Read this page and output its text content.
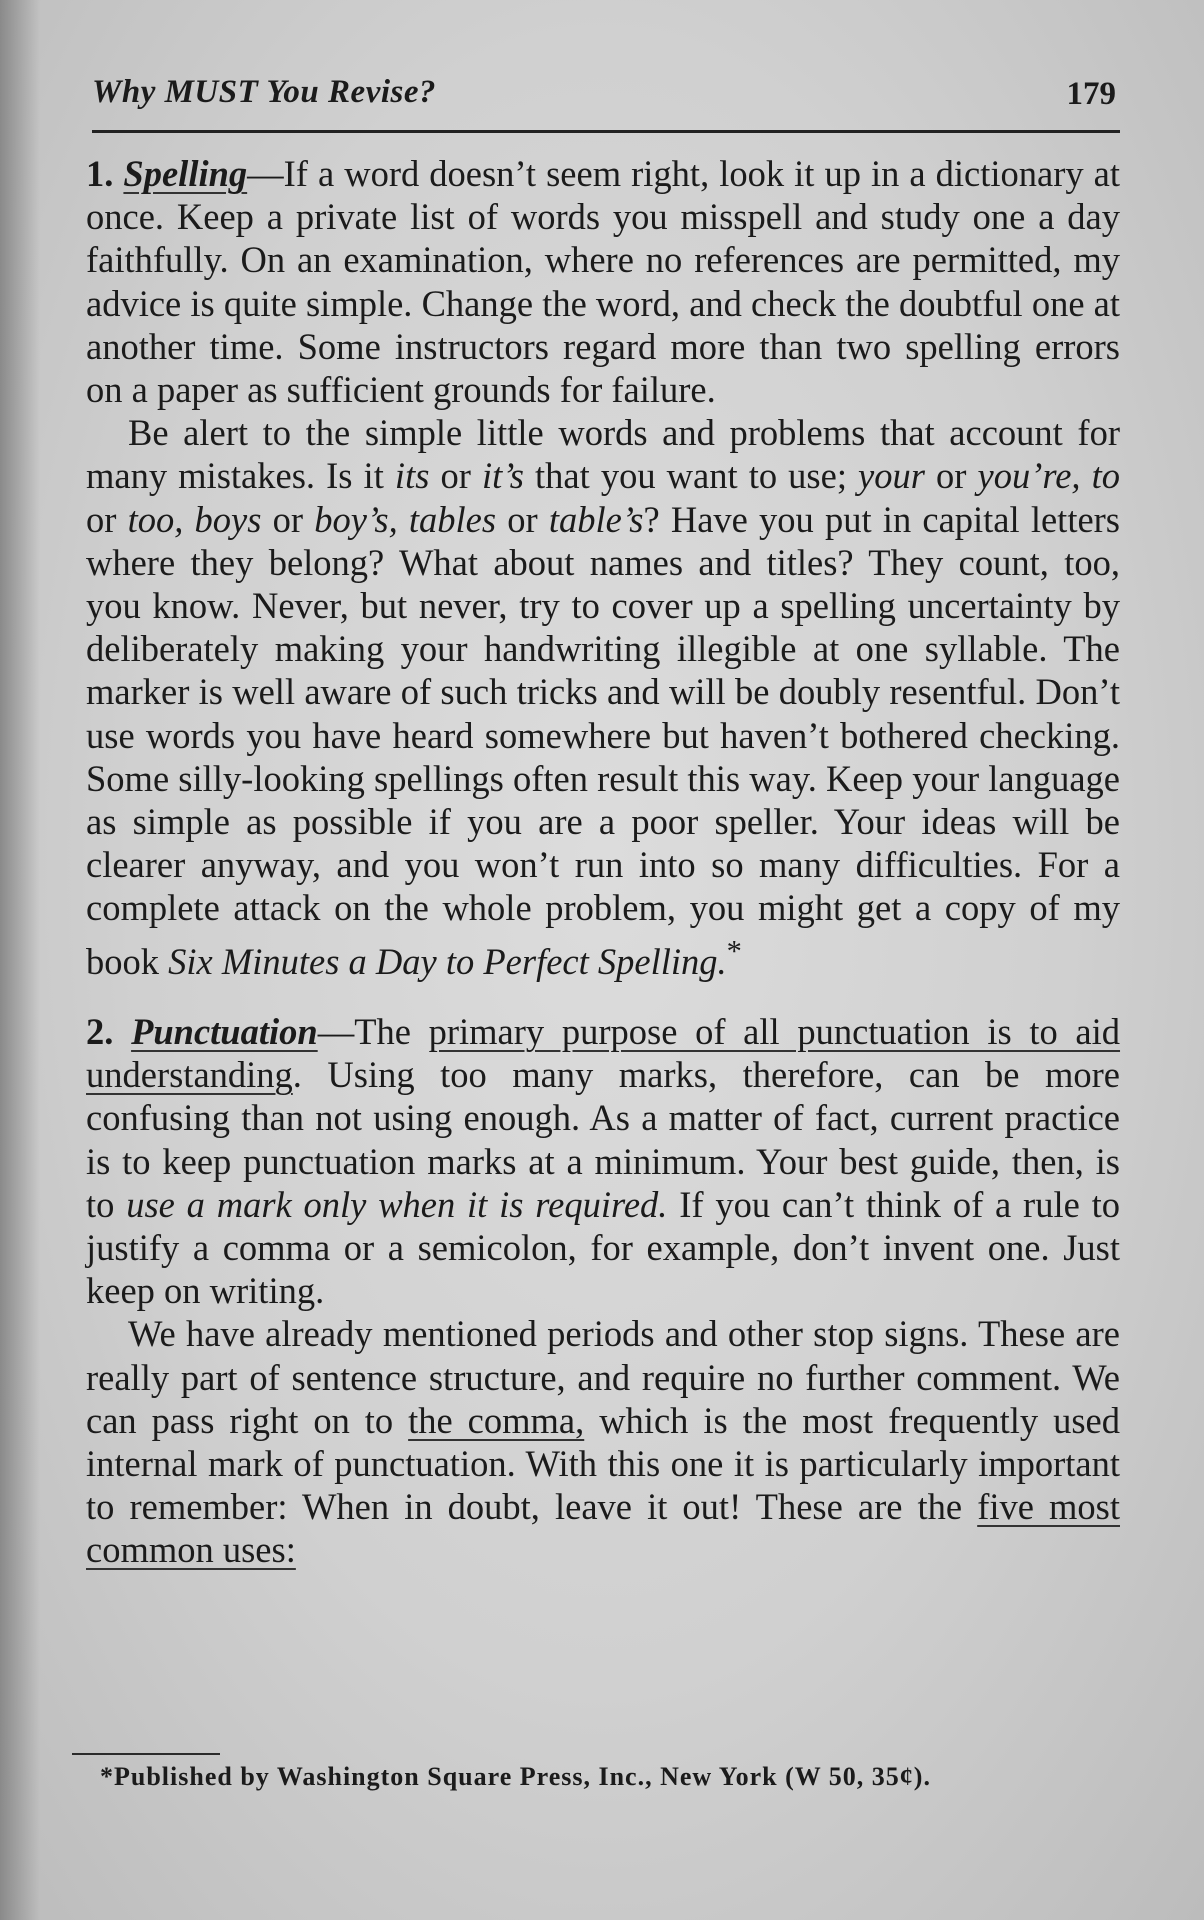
Why MUST You Revise?	179

1. Spelling—If a word doesn’t seem right, look it up in a dictionary at once. Keep a private list of words you misspell and study one a day faithfully. On an examination, where no references are permitted, my advice is quite simple. Change the word, and check the doubtful one at another time. Some instructors regard more than two spelling errors on a paper as sufficient grounds for failure.

Be alert to the simple little words and problems that account for many mistakes. Is it its or it’s that you want to use; your or you’re, to or too, boys or boy’s, tables or table’s? Have you put in capital letters where they belong? What about names and titles? They count, too, you know. Never, but never, try to cover up a spelling uncertainty by deliberately making your handwriting illegible at one syllable. The marker is well aware of such tricks and will be doubly resentful. Don’t use words you have heard somewhere but haven’t bothered checking. Some silly-looking spellings often result this way. Keep your language as simple as possible if you are a poor speller. Your ideas will be clearer anyway, and you won’t run into so many difficulties. For a complete attack on the whole problem, you might get a copy of my book Six Minutes a Day to Perfect Spelling.*

2. Punctuation—The primary purpose of all punctuation is to aid understanding. Using too many marks, therefore, can be more confusing than not using enough. As a matter of fact, current practice is to keep punctuation marks at a minimum. Your best guide, then, is to use a mark only when it is required. If you can’t think of a rule to justify a comma or a semicolon, for example, don’t invent one. Just keep on writing.

We have already mentioned periods and other stop signs. These are really part of sentence structure, and require no further comment. We can pass right on to the comma, which is the most frequently used internal mark of punctuation. With this one it is particularly important to remember: When in doubt, leave it out! These are the five most common uses:

*Published by Washington Square Press, Inc., New York (W 50, 35¢).
